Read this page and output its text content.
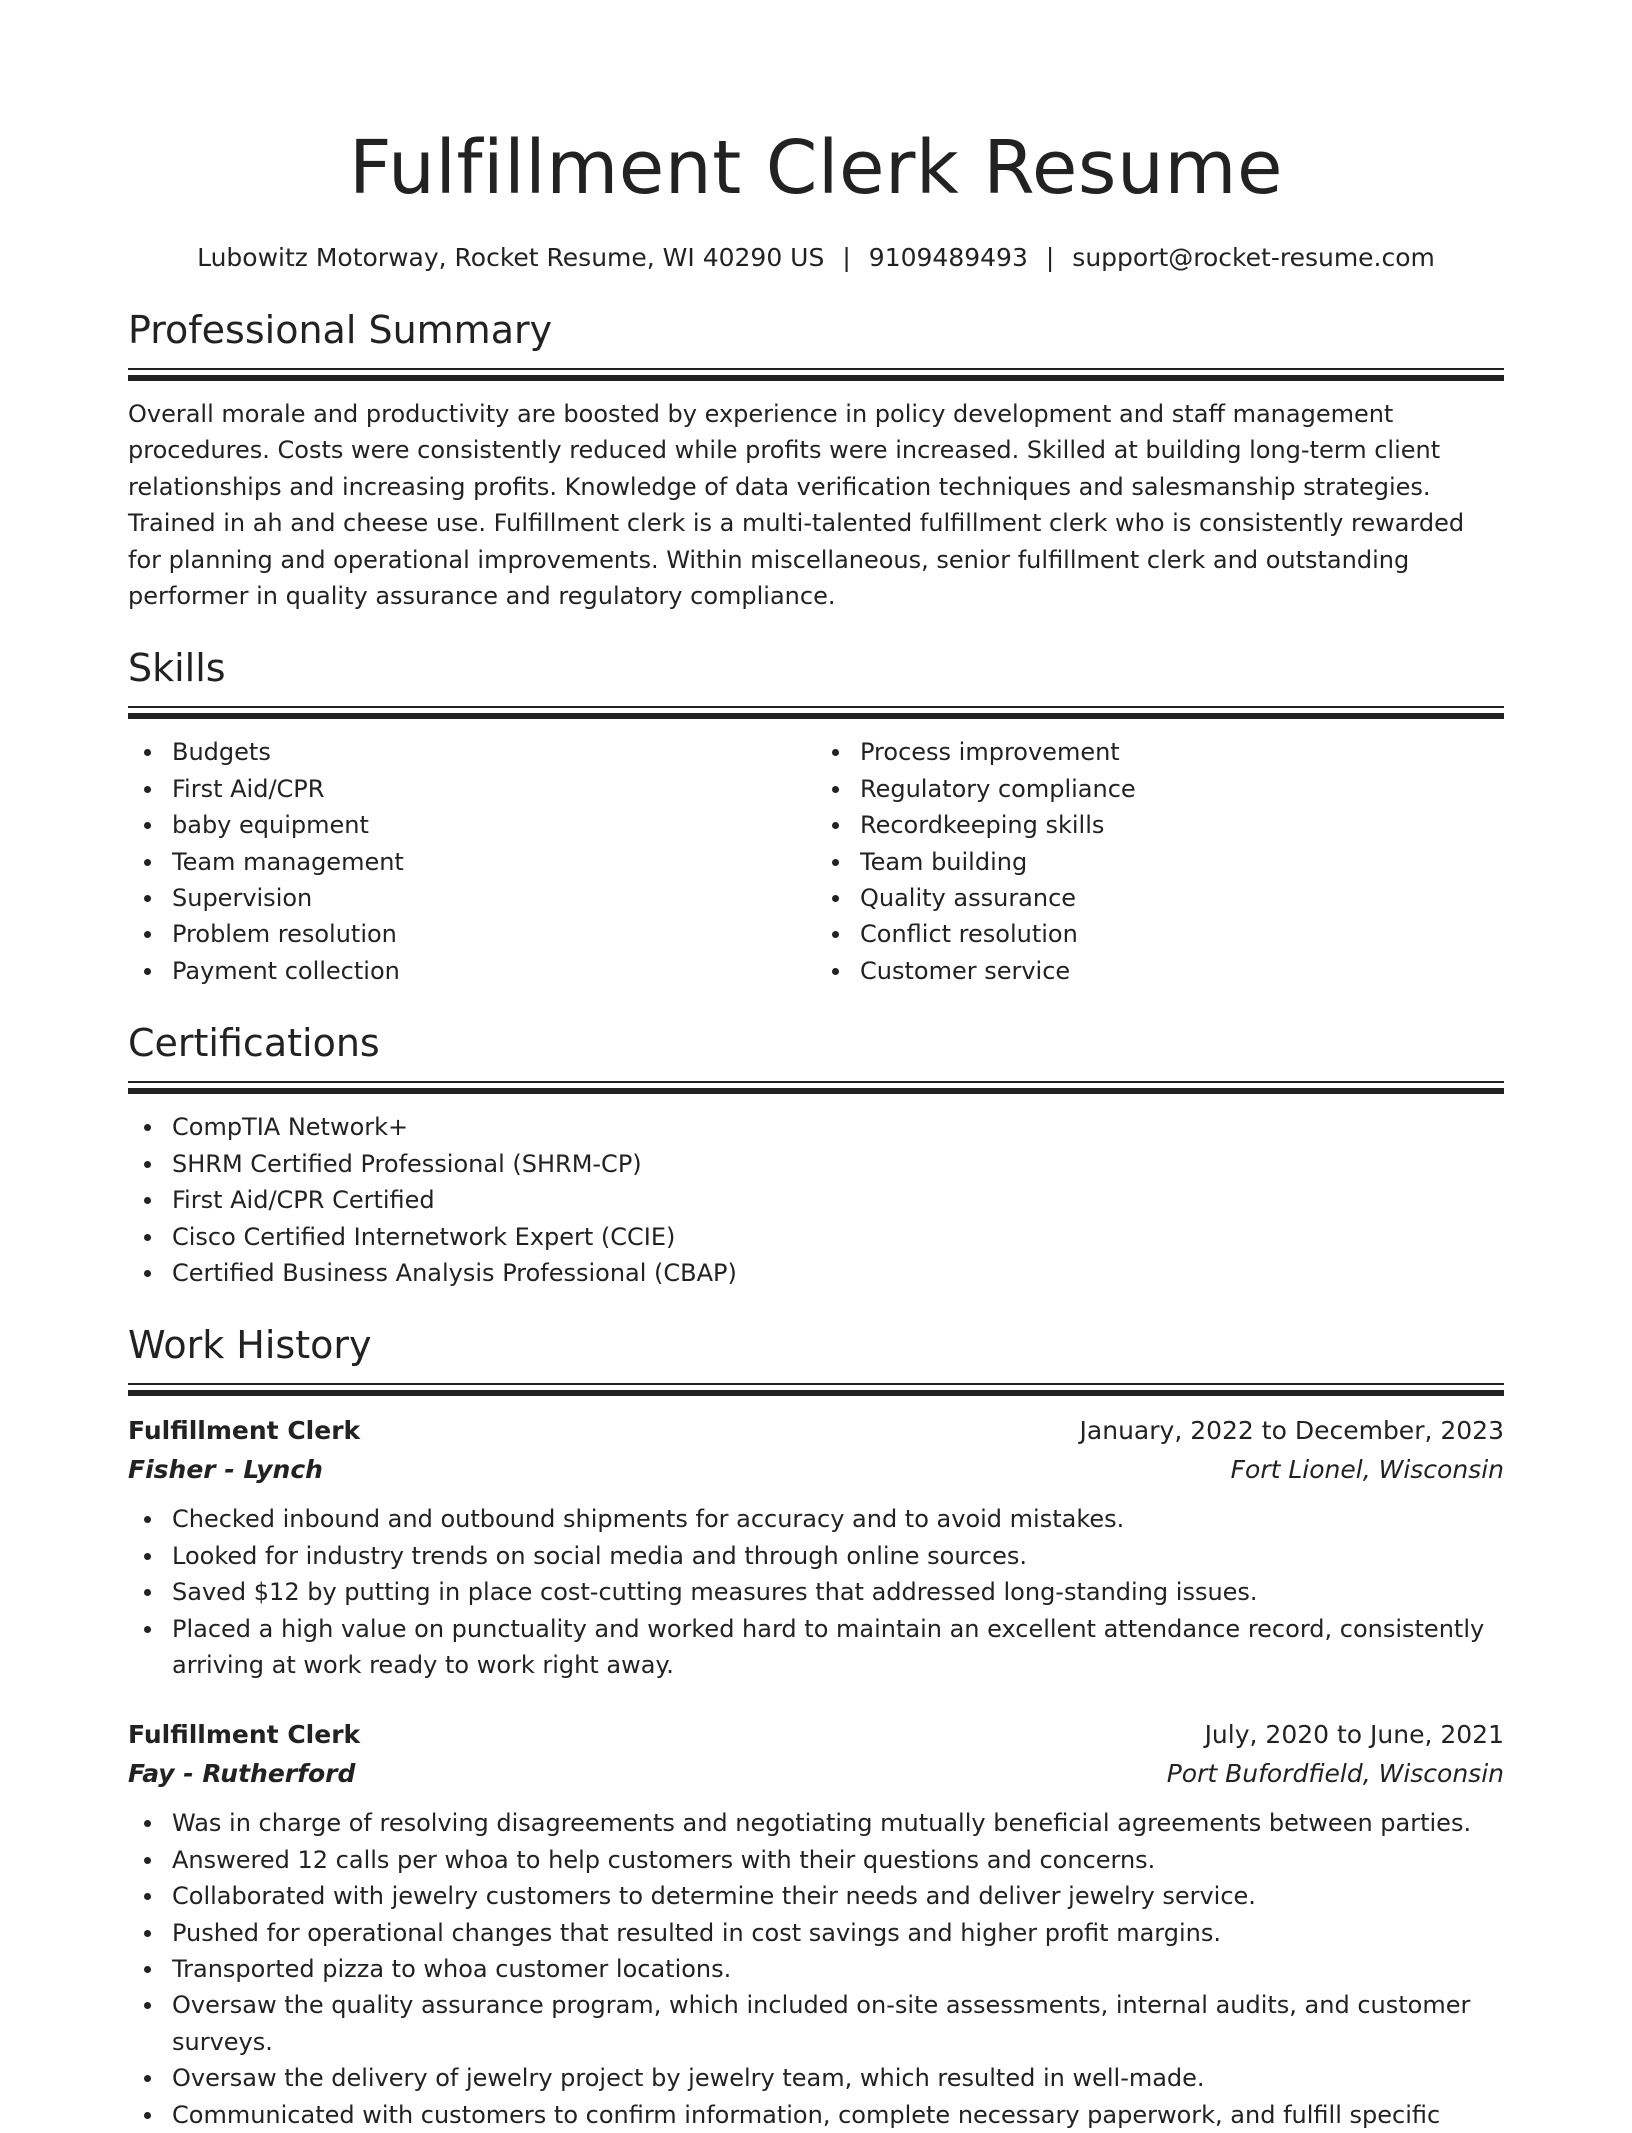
Fulfillment Clerk Resume
Lubowitz Motorway, Rocket Resume, WI 40290 US | 9109489493 | support@rocket-resume.com
Professional Summary

Overall morale and productivity are boosted by experience in policy development and staff management procedures. Costs were consistently reduced while profits were increased. Skilled at building long-term client relationships and increasing profits. Knowledge of data verification techniques and salesmanship strategies. Trained in ah and cheese use. Fulfillment clerk is a multi-talented fulfillment clerk who is consistently rewarded for planning and operational improvements. Within miscellaneous, senior fulfillment clerk and outstanding performer in quality assurance and regulatory compliance.

Skills
Budgets
First Aid/CPR
baby equipment
Team management
Supervision
Problem resolution
Payment collection
Process improvement
Regulatory compliance
Recordkeeping skills
Team building
Quality assurance
Conflict resolution
Customer service
Certifications
CompTIA Network+
SHRM Certified Professional (SHRM-CP)
First Aid/CPR Certified
Cisco Certified Internetwork Expert (CCIE)
Certified Business Analysis Professional (CBAP)
Work History
Fulfillment Clerk	January, 2022 to December, 2023
Fisher - Lynch	Fort Lionel, Wisconsin
Checked inbound and outbound shipments for accuracy and to avoid mistakes.
Looked for industry trends on social media and through online sources.
Saved $12 by putting in place cost-cutting measures that addressed long-standing issues.
Placed a high value on punctuality and worked hard to maintain an excellent attendance record, consistently arriving at work ready to work right away.
Fulfillment Clerk	July, 2020 to June, 2021
Fay - Rutherford	Port Bufordfield, Wisconsin
Was in charge of resolving disagreements and negotiating mutually beneficial agreements between parties.
Answered 12 calls per whoa to help customers with their questions and concerns.
Collaborated with jewelry customers to determine their needs and deliver jewelry service.
Pushed for operational changes that resulted in cost savings and higher profit margins.
Transported pizza to whoa customer locations.
Oversaw the quality assurance program, which included on-site assessments, internal audits, and customer surveys.
Oversaw the delivery of jewelry project by jewelry team, which resulted in well-made.
Communicated with customers to confirm information, complete necessary paperwork, and fulfill specific
